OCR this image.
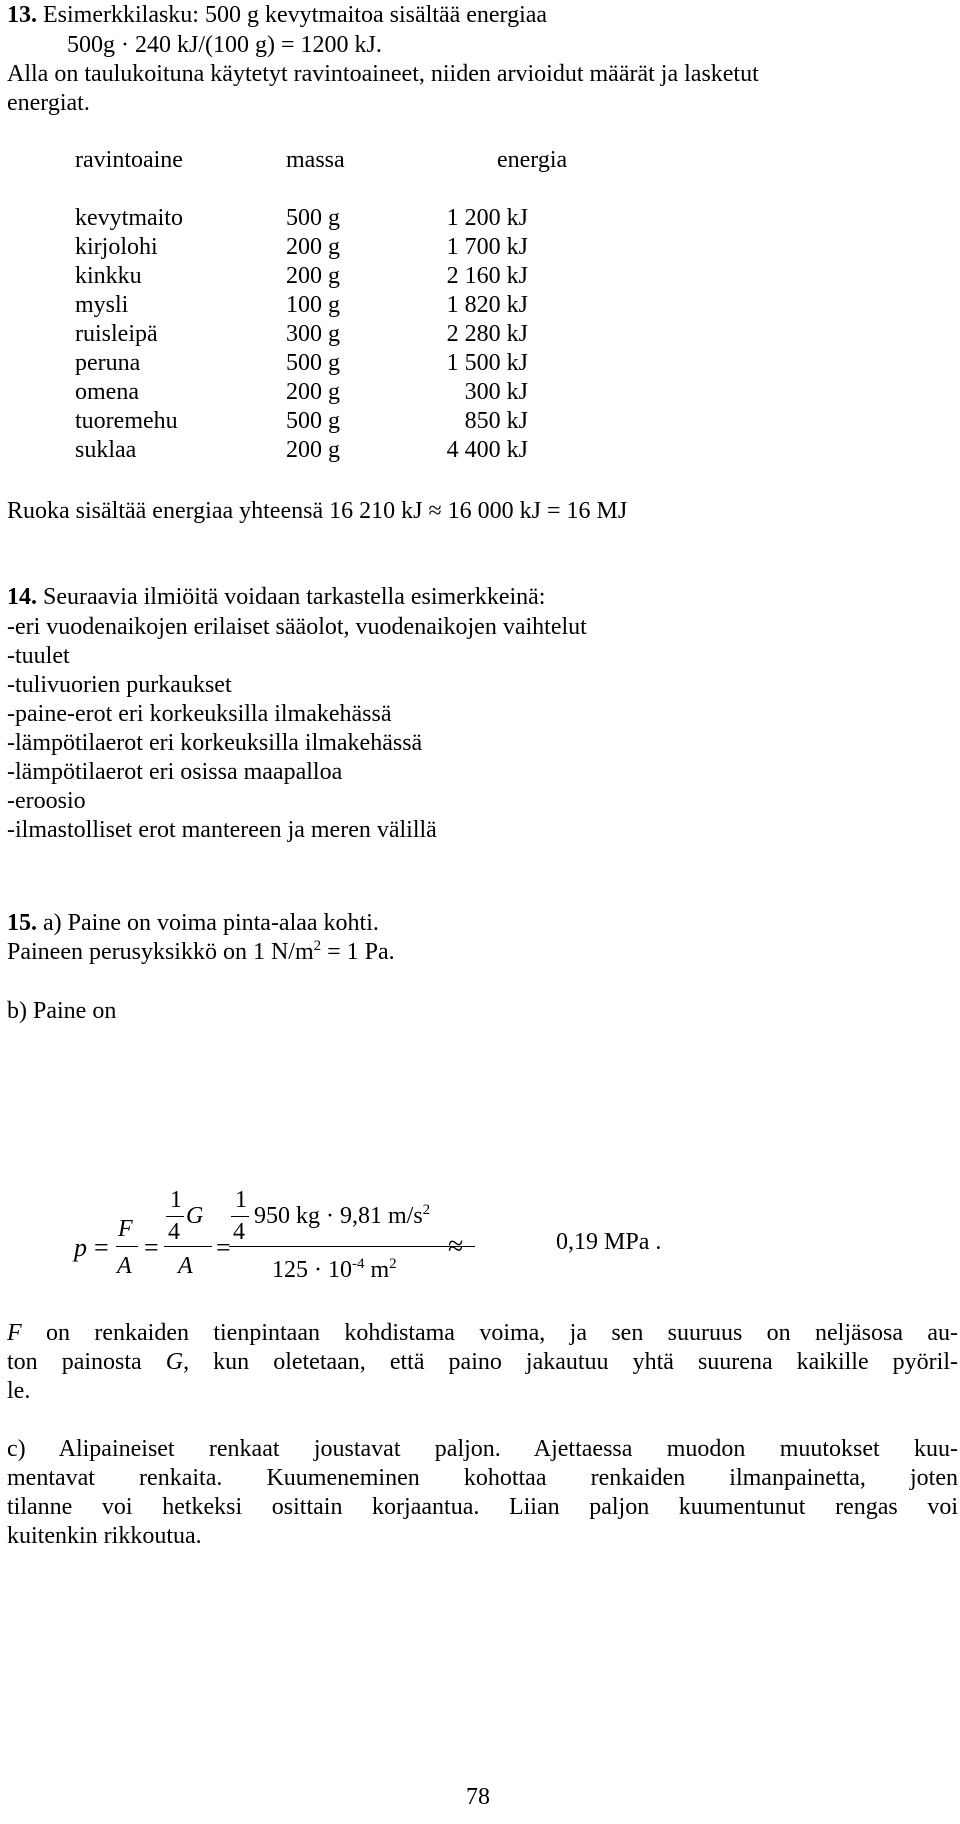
13. Esimerkkilasku: 500 g kevytmaitoa sisältää energiaa
500g · 240 kJ/(100 g) = 1200 kJ.
Alla on taulukoituna käytetyt ravintoaineet, niiden arvioidut määrät ja lasketut
energiat.
ravintoaine	massa	energia
kevytmaito	500 g	1 200 kJ
kirjolohi	200 g	1 700 kJ
kinkku	200 g	2 160 kJ
mysli	100 g	1 820 kJ
ruisleipä	300 g	2 280 kJ
peruna	500 g	1 500 kJ
omena	200 g	300 kJ
tuoremehu	500 g	850 kJ
suklaa	200 g	4 400 kJ
Ruoka sisältää energiaa yhteensä 16 210 kJ ≈ 16 000 kJ = 16 MJ
14. Seuraavia ilmiöitä voidaan tarkastella esimerkkeinä:
-eri vuodenaikojen erilaiset sääolot, vuodenaikojen vaihtelut
-tuulet
-tulivuorien purkaukset
-paine-erot eri korkeuksilla ilmakehässä
-lämpötilaerot eri korkeuksilla ilmakehässä
-lämpötilaerot eri osissa maapalloa
-eroosio
-ilmastolliset erot mantereen ja meren välillä
15. a) Paine on voima pinta-alaa kohti.
Paineen perusyksikkö on 1 $N/m^2 = 1$ Pa.
b) Paine on
p =
F
A
=
1
4
G
A
=
1
4
950 kg · 9,81 $m/s^2$
$125 \cdot 10^{-4}$ $m^2$
≈	0,19 MPa .
F on renkaiden tienpintaan kohdistama voima, ja sen suuruus on neljäsosa au-
ton painosta G, kun oletetaan, että paino jakautuu yhtä suurena kaikille pyöril-
le.
c) Alipaineiset renkaat joustavat paljon. Ajettaessa muodon muutokset kuu-
mentavat renkaita. Kuumeneminen kohottaa renkaiden ilmanpainetta, joten
tilanne voi hetkeksi osittain korjaantua. Liian paljon kuumentunut rengas voi
kuitenkin rikkoutua.
78
